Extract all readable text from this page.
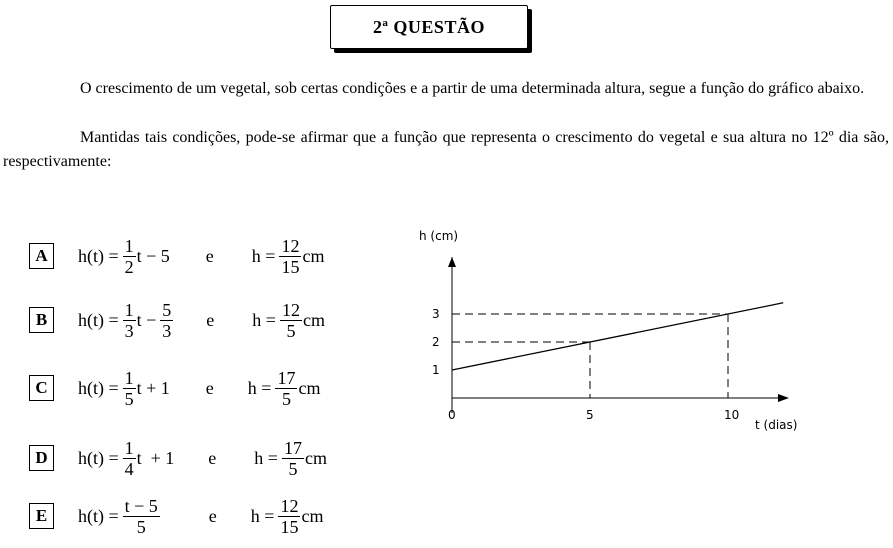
2ª QUESTÃO
O crescimento de um vegetal, sob certas condições e a partir de uma determinada altura, segue a função do gráfico abaixo.
Mantidas tais condições, pode-se afirmar que a função que representa o crescimento do vegetal e sua altura no 12º dia são, respectivamente:
A	$h(t) = \frac{1}{2}$ t − 5 e $h = \frac{12}{15}$ cm
B	$h(t) = \frac{1}{3}$ $t - \frac{5}{3}$ e $h = \frac{12}{5}$ cm
C	$h(t) = \frac{1}{5}$ t + 1 e $h = \frac{17}{5}$ cm
D	$h(t) = \frac{1}{4}$ t  + 1 e $h = \frac{17}{5}$ cm
E	$h(t) = \frac{t - 5}{5}$	e $h = \frac{12}{15}$ cm
h (cm)
t (dias)
0	5	10
1
2
3
